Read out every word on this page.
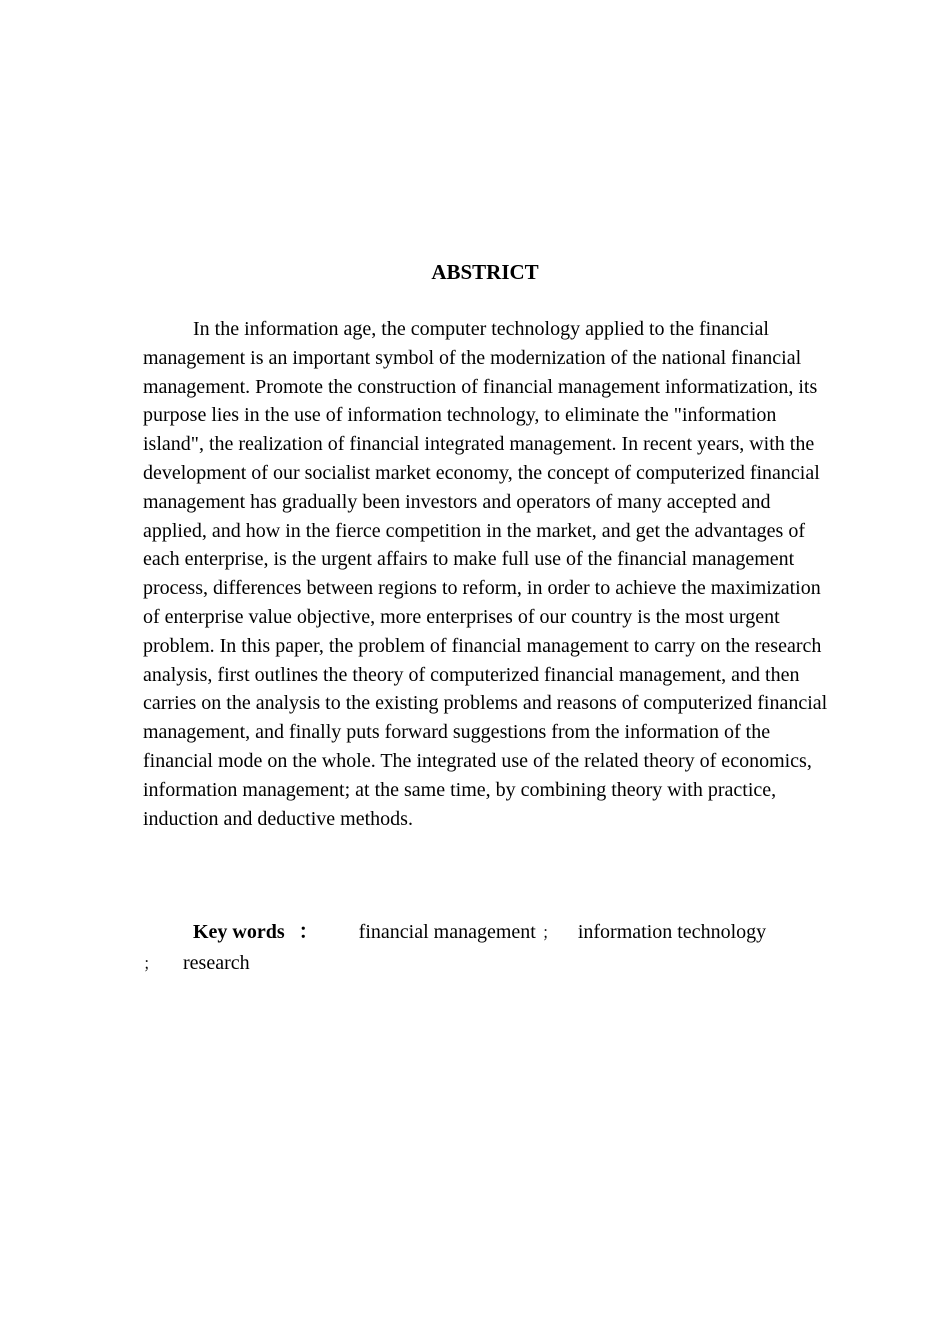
ABSTRICT

In the information age, the computer technology applied to the financial management is an important symbol of the modernization of the national financial management. Promote the construction of financial management informatization, its purpose lies in the use of information technology, to eliminate the "information island", the realization of financial integrated management. In recent years, with the development of our socialist market economy, the concept of computerized financial management has gradually been investors and operators of many accepted and applied, and how in the fierce competition in the market, and get the advantages of each enterprise, is the urgent affairs to make full use of the financial management process, differences between regions to reform, in order to achieve the maximization of enterprise value objective, more enterprises of our country is the most urgent problem. In this paper, the problem of financial management to carry on the research analysis, first outlines the theory of computerized financial management, and then carries on the analysis to the existing problems and reasons of computerized financial management, and finally puts forward suggestions from the information of the financial mode on the whole. The integrated use of the related theory of economics, information management; at the same time, by combining theory with practice, induction and deductive methods.

Key words ： financial management ； information technology
； research
